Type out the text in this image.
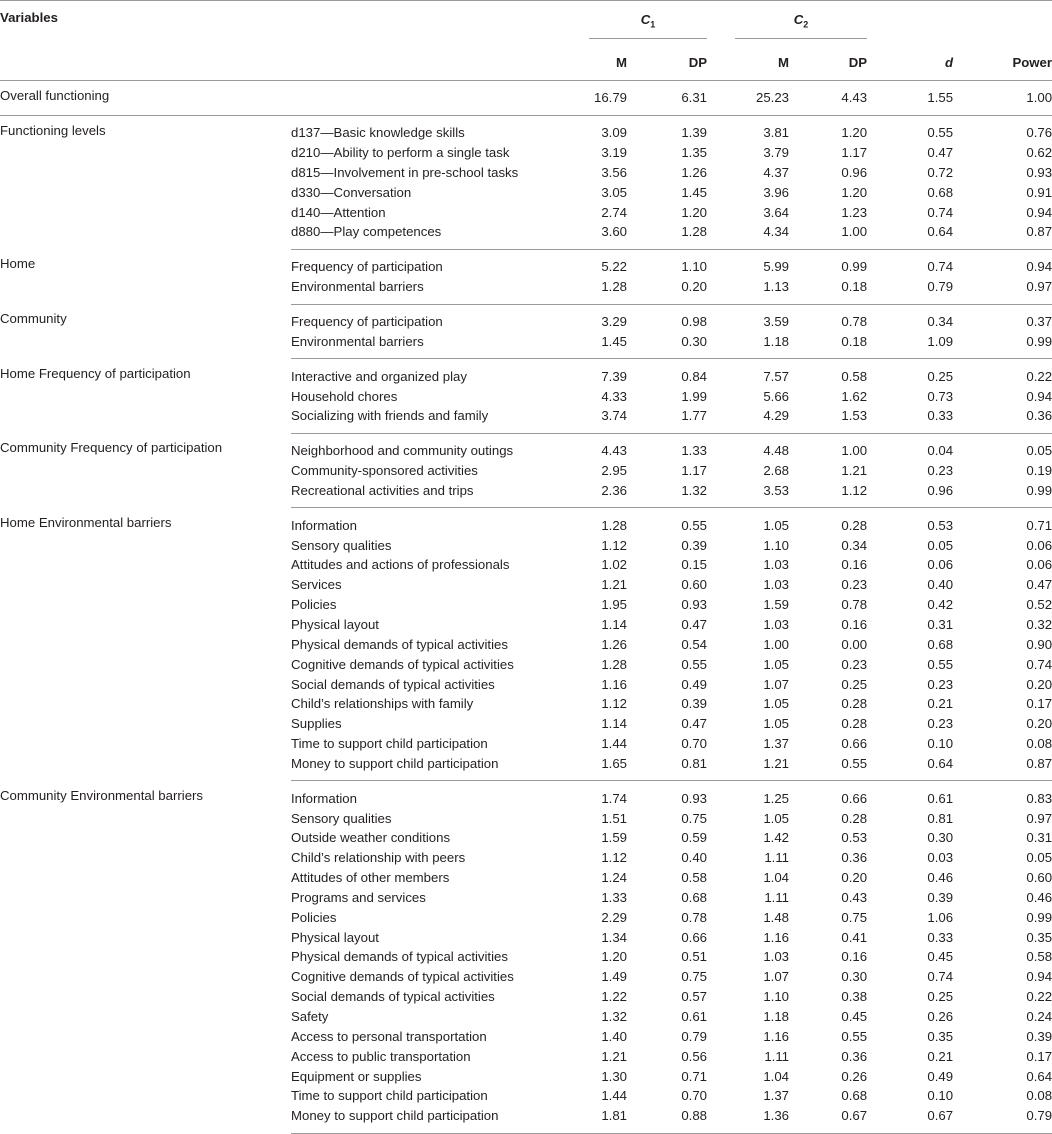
Variables		$C_1$		$C_2$

		M	DP	M	DP	d	Power
Overall functioning		16.79	6.31	25.23	4.43	1.55	1.00
Functioning levels	d137—Basic knowledge skills	3.09	1.39	3.81	1.20	0.55	0.76
	d210—Ability to perform a single task	3.19	1.35	3.79	1.17	0.47	0.62
	d815—Involvement in pre-school tasks	3.56	1.26	4.37	0.96	0.72	0.93
	d330—Conversation	3.05	1.45	3.96	1.20	0.68	0.91
	d140—Attention	2.74	1.20	3.64	1.23	0.74	0.94
	d880—Play competences	3.60	1.28	4.34	1.00	0.64	0.87
Home	Frequency of participation	5.22	1.10	5.99	0.99	0.74	0.94
	Environmental barriers	1.28	0.20	1.13	0.18	0.79	0.97
Community	Frequency of participation	3.29	0.98	3.59	0.78	0.34	0.37
	Environmental barriers	1.45	0.30	1.18	0.18	1.09	0.99
Home Frequency of participation	Interactive and organized play	7.39	0.84	7.57	0.58	0.25	0.22
	Household chores	4.33	1.99	5.66	1.62	0.73	0.94
	Socializing with friends and family	3.74	1.77	4.29	1.53	0.33	0.36
Community Frequency of participation	Neighborhood and community outings	4.43	1.33	4.48	1.00	0.04	0.05
	Community-sponsored activities	2.95	1.17	2.68	1.21	0.23	0.19
	Recreational activities and trips	2.36	1.32	3.53	1.12	0.96	0.99
Home Environmental barriers	Information	1.28	0.55	1.05	0.28	0.53	0.71
	Sensory qualities	1.12	0.39	1.10	0.34	0.05	0.06
	Attitudes and actions of professionals	1.02	0.15	1.03	0.16	0.06	0.06
	Services	1.21	0.60	1.03	0.23	0.40	0.47
	Policies	1.95	0.93	1.59	0.78	0.42	0.52
	Physical layout	1.14	0.47	1.03	0.16	0.31	0.32
	Physical demands of typical activities	1.26	0.54	1.00	0.00	0.68	0.90
	Cognitive demands of typical activities	1.28	0.55	1.05	0.23	0.55	0.74
	Social demands of typical activities	1.16	0.49	1.07	0.25	0.23	0.20
	Child’s relationships with family	1.12	0.39	1.05	0.28	0.21	0.17
	Supplies	1.14	0.47	1.05	0.28	0.23	0.20
	Time to support child participation	1.44	0.70	1.37	0.66	0.10	0.08
	Money to support child participation	1.65	0.81	1.21	0.55	0.64	0.87
Community Environmental barriers	Information	1.74	0.93	1.25	0.66	0.61	0.83
	Sensory qualities	1.51	0.75	1.05	0.28	0.81	0.97
	Outside weather conditions	1.59	0.59	1.42	0.53	0.30	0.31
	Child’s relationship with peers	1.12	0.40	1.11	0.36	0.03	0.05
	Attitudes of other members	1.24	0.58	1.04	0.20	0.46	0.60
	Programs and services	1.33	0.68	1.11	0.43	0.39	0.46
	Policies	2.29	0.78	1.48	0.75	1.06	0.99
	Physical layout	1.34	0.66	1.16	0.41	0.33	0.35
	Physical demands of typical activities	1.20	0.51	1.03	0.16	0.45	0.58
	Cognitive demands of typical activities	1.49	0.75	1.07	0.30	0.74	0.94
	Social demands of typical activities	1.22	0.57	1.10	0.38	0.25	0.22
	Safety	1.32	0.61	1.18	0.45	0.26	0.24
	Access to personal transportation	1.40	0.79	1.16	0.55	0.35	0.39
	Access to public transportation	1.21	0.56	1.11	0.36	0.21	0.17
	Equipment or supplies	1.30	0.71	1.04	0.26	0.49	0.64
	Time to support child participation	1.44	0.70	1.37	0.68	0.10	0.08
	Money to support child participation	1.81	0.88	1.36	0.67	0.67	0.79
